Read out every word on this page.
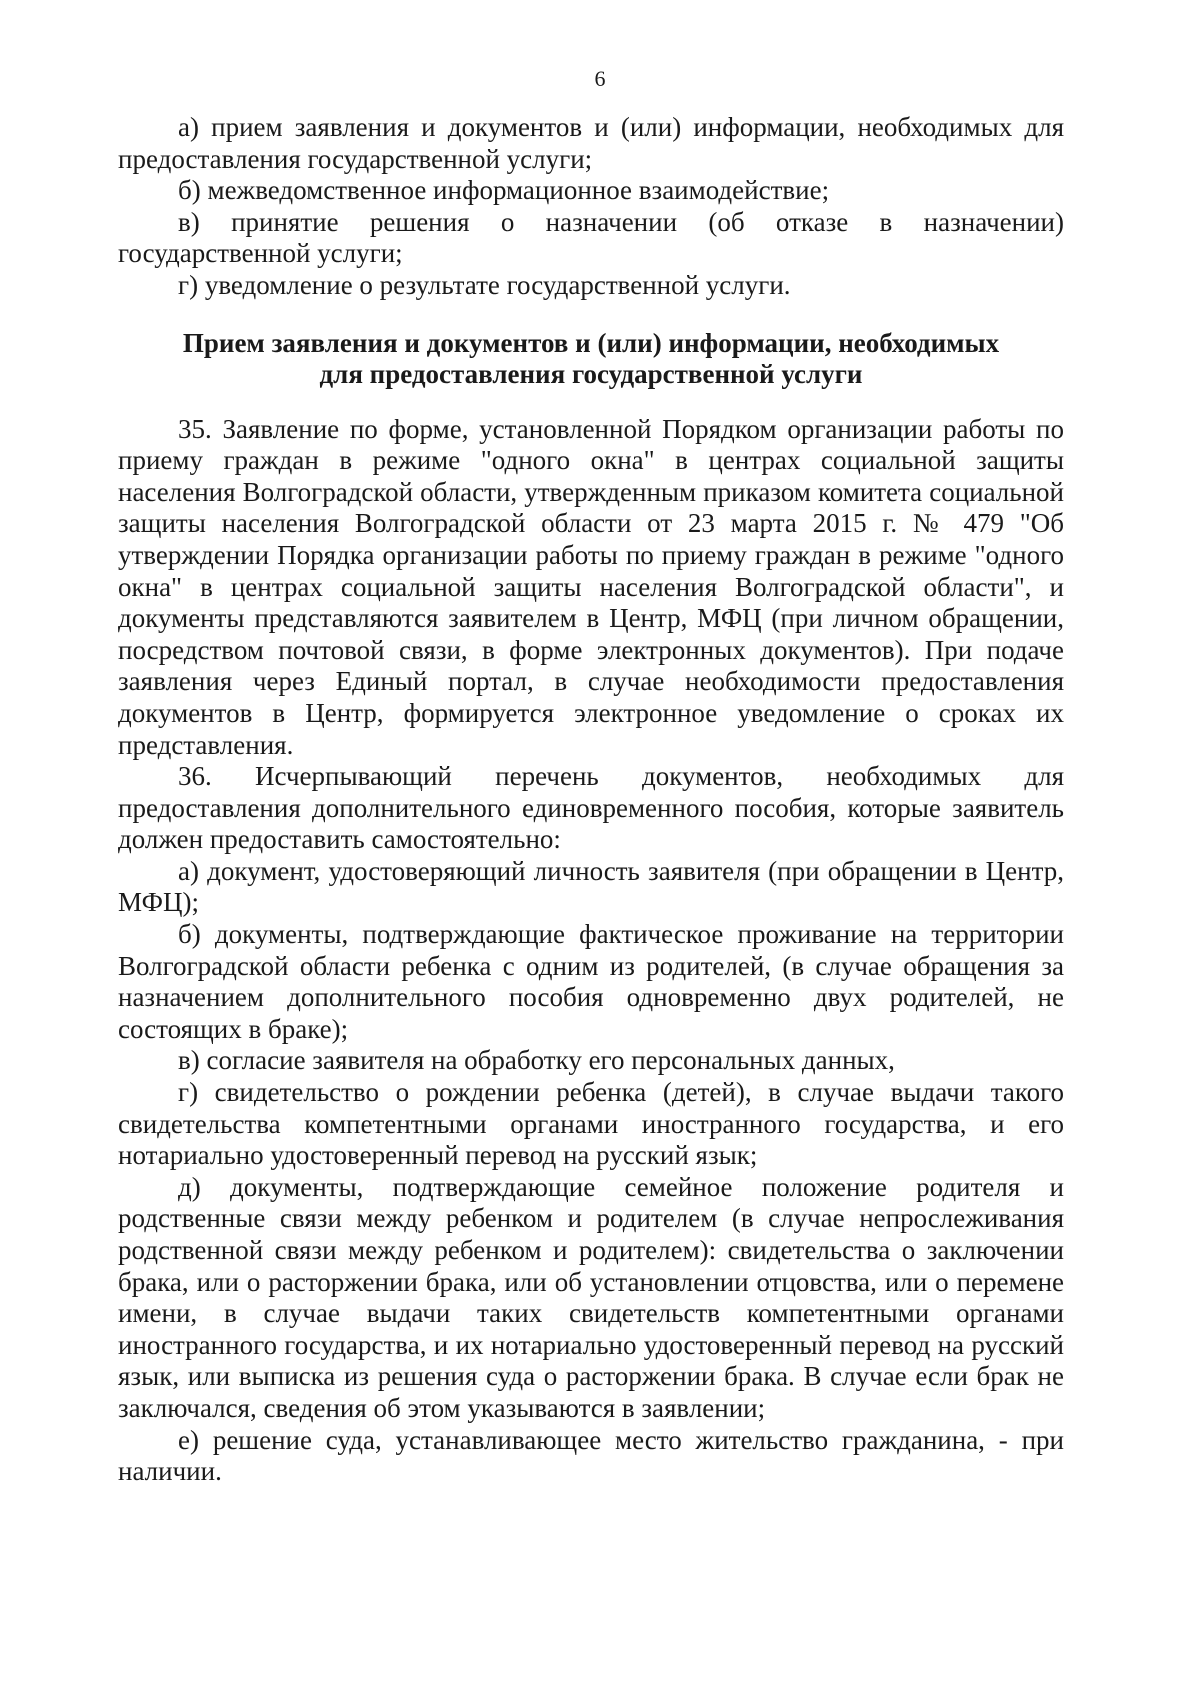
6

а) прием заявления и документов и (или) информации, необходимых для предоставления государственной услуги;

б) межведомственное информационное взаимодействие;

в) принятие решения о назначении (об отказе в назначении) государственной услуги;

г) уведомление о результате государственной услуги.

Прием заявления и документов и (или) информации, необходимых
для предоставления государственной услуги

35. Заявление по форме, установленной Порядком организации работы по приему граждан в режиме "одного окна" в центрах социальной защиты населения Волгоградской области, утвержденным приказом комитета социальной защиты населения Волгоградской области от 23 марта 2015 г. № 479 "Об утверждении Порядка организации работы по приему граждан в режиме "одного окна" в центрах социальной защиты населения Волгоградской области", и документы представляются заявителем в Центр, МФЦ (при личном обращении, посредством почтовой связи, в форме электронных документов). При подаче заявления через Единый портал, в случае необходимости предоставления документов в Центр, формируется электронное уведомление о сроках их представления.

36. Исчерпывающий перечень документов, необходимых для предоставления дополнительного единовременного пособия, которые заявитель должен предоставить самостоятельно:

а) документ, удостоверяющий личность заявителя (при обращении в Центр, МФЦ);

б) документы, подтверждающие фактическое проживание на территории Волгоградской области ребенка с одним из родителей, (в случае обращения за назначением дополнительного пособия одновременно двух родителей, не состоящих в браке);

в) согласие заявителя на обработку его персональных данных,

г) свидетельство о рождении ребенка (детей), в случае выдачи такого свидетельства компетентными органами иностранного государства, и его нотариально удостоверенный перевод на русский язык;

д) документы, подтверждающие семейное положение родителя и родственные связи между ребенком и родителем (в случае непрослеживания родственной связи между ребенком и родителем): свидетельства о заключении брака, или о расторжении брака, или об установлении отцовства, или о перемене имени, в случае выдачи таких свидетельств компетентными органами иностранного государства, и их нотариально удостоверенный перевод на русский язык, или выписка из решения суда о расторжении брака. В случае если брак не заключался, сведения об этом указываются в заявлении;

е) решение суда, устанавливающее место жительство гражданина, - при наличии.
